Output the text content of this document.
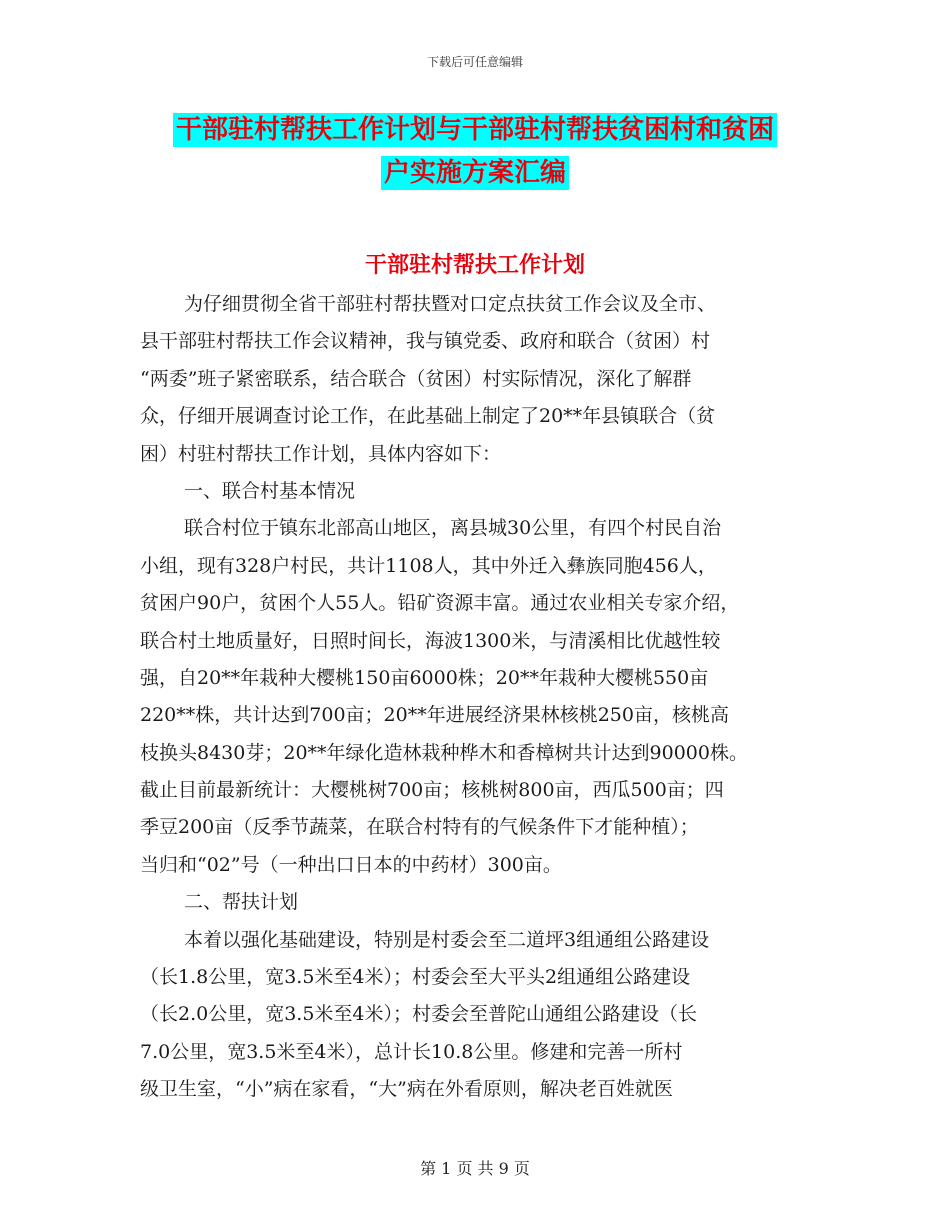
下载后可任意编辑
干部驻村帮扶工作计划与干部驻村帮扶贫困村和贫困
户实施方案汇编
干部驻村帮扶工作计划
为仔细贯彻全省干部驻村帮扶暨对口定点扶贫工作会议及全市、
县干部驻村帮扶工作会议精神，我与镇党委、政府和联合（贫困）村
“两委”班子紧密联系，结合联合（贫困）村实际情况，深化了解群
众，仔细开展调查讨论工作，在此基础上制定了20**年县镇联合（贫
困）村驻村帮扶工作计划，具体内容如下：
一、联合村基本情况
联合村位于镇东北部高山地区，离县城30公里，有四个村民自治
小组，现有328户村民，共计1108人，其中外迁入彝族同胞456人，
贫困户90户，贫困个人55人。铅矿资源丰富。通过农业相关专家介绍，
联合村土地质量好，日照时间长，海波1300米，与清溪相比优越性较
强，自20**年栽种大樱桃150亩6000株；20**年栽种大樱桃550亩
220**株，共计达到700亩；20**年进展经济果林核桃250亩，核桃高
枝换头8430芽；20**年绿化造林栽种桦木和香樟树共计达到90000株。
截止目前最新统计：大樱桃树700亩；核桃树800亩，西瓜500亩；四
季豆200亩（反季节蔬菜，在联合村特有的气候条件下才能种植）；
当归和“02”号（一种出口日本的中药材）300亩。
二、帮扶计划
本着以强化基础建设，特别是村委会至二道坪3组通组公路建设
（长1.8公里，宽3.5米至4米）；村委会至大平头2组通组公路建设
（长2.0公里，宽3.5米至4米）；村委会至普陀山通组公路建设（长
7.0公里，宽3.5米至4米），总计长10.8公里。修建和完善一所村
级卫生室，“小”病在家看，“大”病在外看原则，解决老百姓就医
第 1 页 共 9 页
